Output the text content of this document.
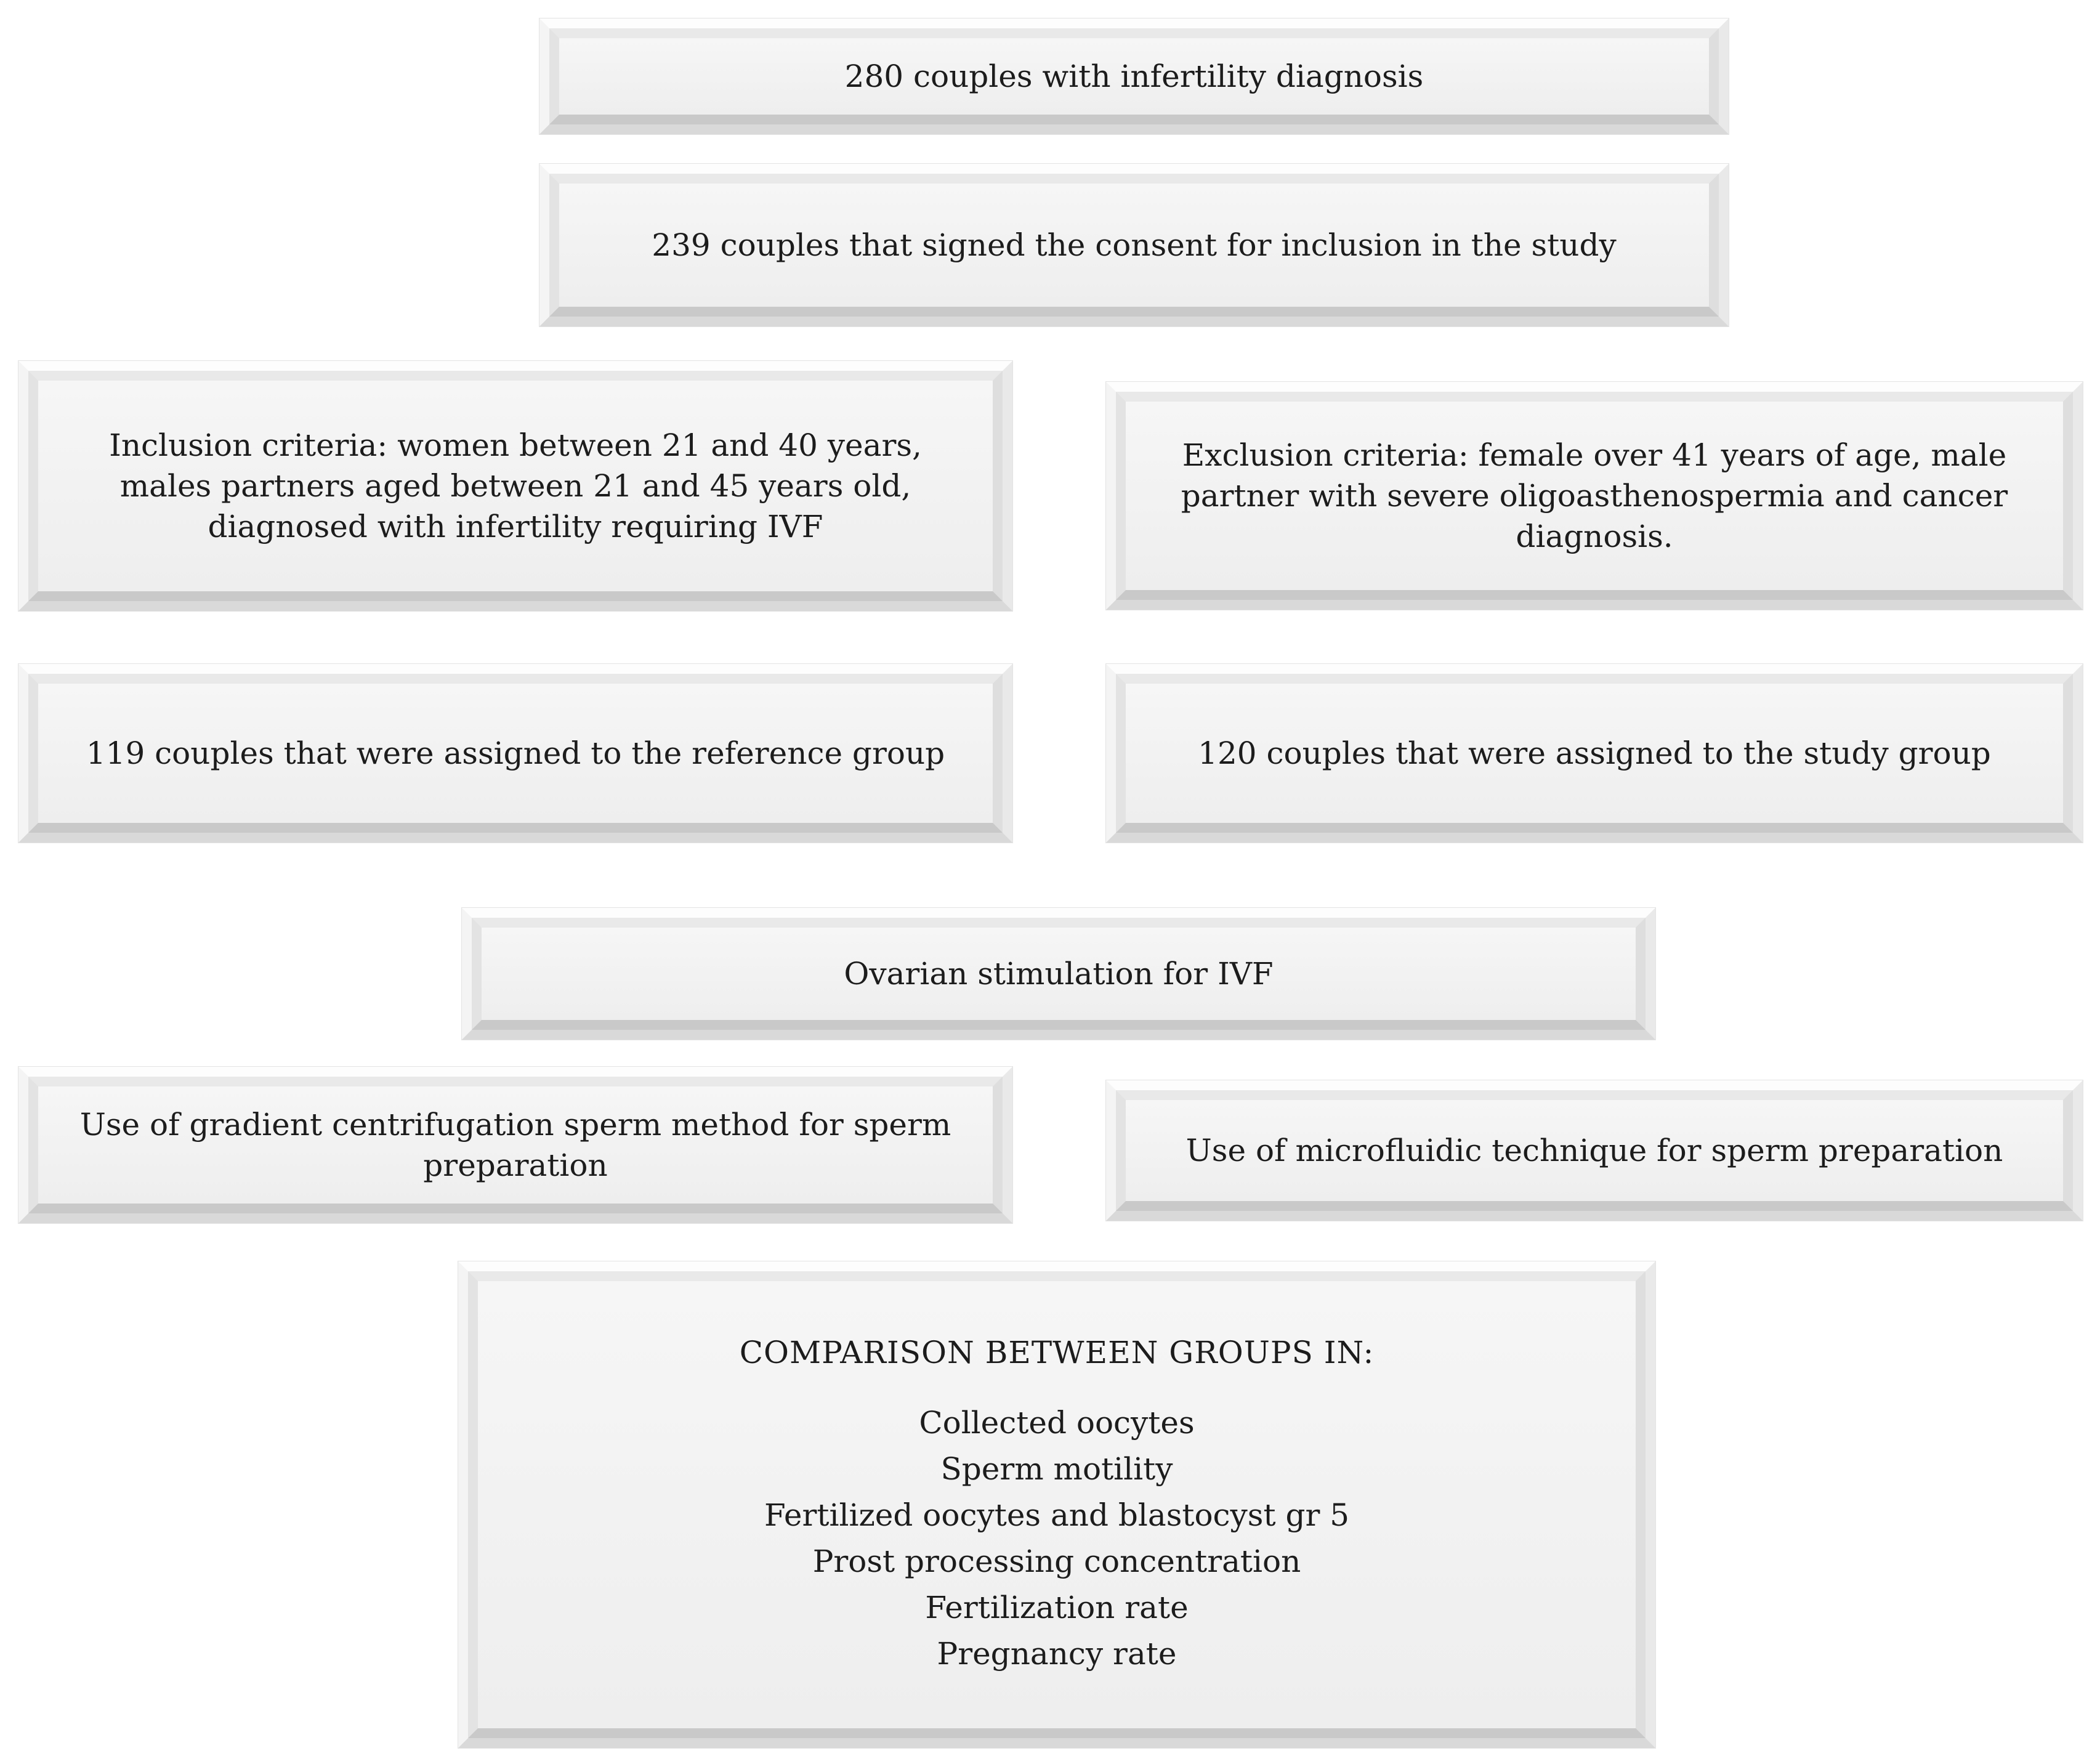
280 couples with infertility diagnosis
239 couples that signed the consent for inclusion in the study
Inclusion criteria: women between 21 and 40 years, males partners aged between 21 and 45 years old, diagnosed with infertility requiring IVF
Exclusion criteria: female over 41 years of age, male partner with severe oligoasthenospermia and cancer diagnosis.
119 couples that were assigned to the reference group	120 couples that were assigned to the study group
Ovarian stimulation for IVF
Use of gradient centrifugation sperm method for sperm preparation	Use of microfluidic technique for sperm preparation
COMPARISON BETWEEN GROUPS IN:
Collected oocytes
Sperm motility
Fertilized oocytes and blastocyst gr 5
Prost processing concentration
Fertilization rate
Pregnancy rate
